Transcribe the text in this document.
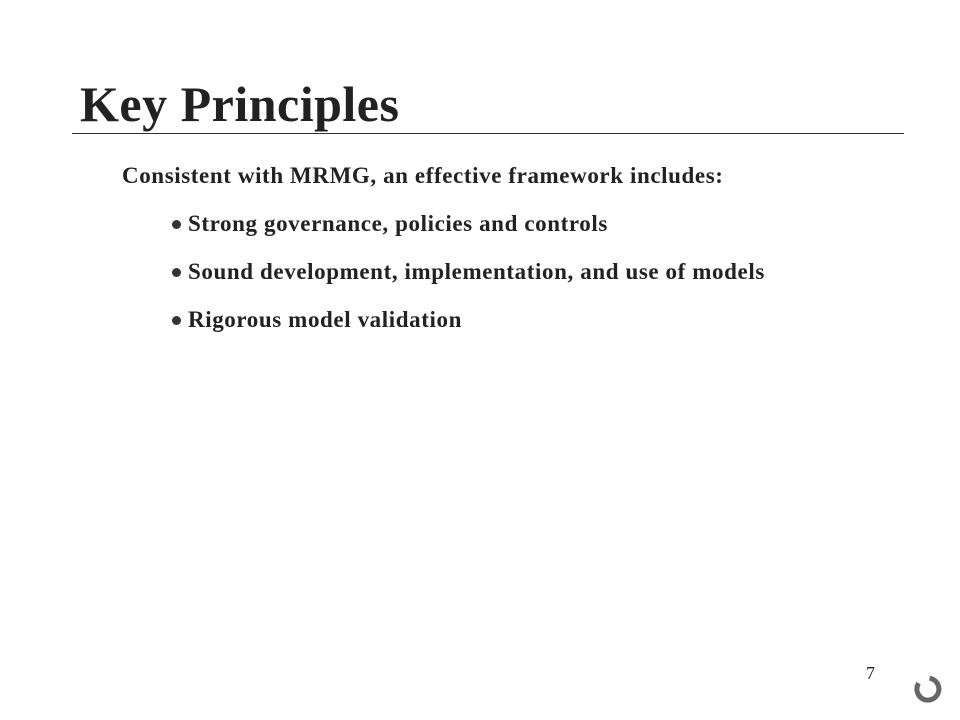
Key Principles

Consistent with MRMG, an effective framework includes:

Strong governance, policies and controls
Sound development, implementation, and use of models
Rigorous model validation
7
